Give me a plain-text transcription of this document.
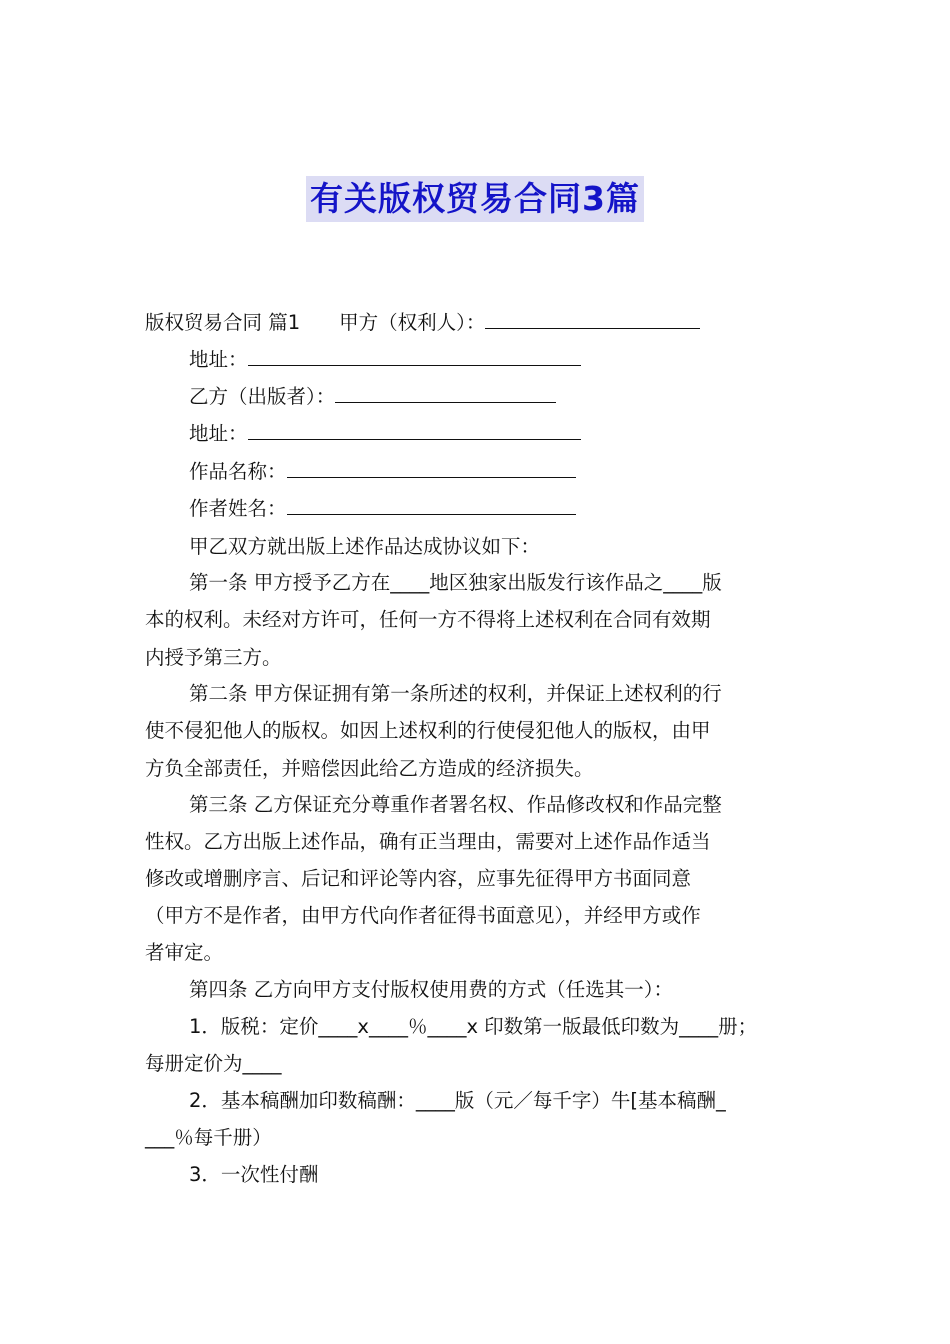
有关版权贸易合同3篇
版权贸易合同 篇1　　甲方（权利人）：
地址：
乙方（出版者）：
地址：
作品名称：
作者姓名：
甲乙双方就出版上述作品达成协议如下：
第一条 甲方授予乙方在____地区独家出版发行该作品之____版
本的权利。未经对方许可，任何一方不得将上述权利在合同有效期
内授予第三方。
第二条 甲方保证拥有第一条所述的权利，并保证上述权利的行
使不侵犯他人的版权。如因上述权利的行使侵犯他人的版权，由甲
方负全部责任，并赔偿因此给乙方造成的经济损失。
第三条 乙方保证充分尊重作者署名权、作品修改权和作品完整
性权。乙方出版上述作品，确有正当理由，需要对上述作品作适当
修改或增删序言、后记和评论等内容，应事先征得甲方书面同意
（甲方不是作者，由甲方代向作者征得书面意见），并经甲方或作
者审定。
第四条 乙方向甲方支付版权使用费的方式（任选其一）：
1．版税：定价____x____％____x 印数第一版最低印数为____册；
每册定价为____
2．基本稿酬加印数稿酬：____版（元／每千字）牛[基本稿酬_
___％每千册）
3．一次性付酬
